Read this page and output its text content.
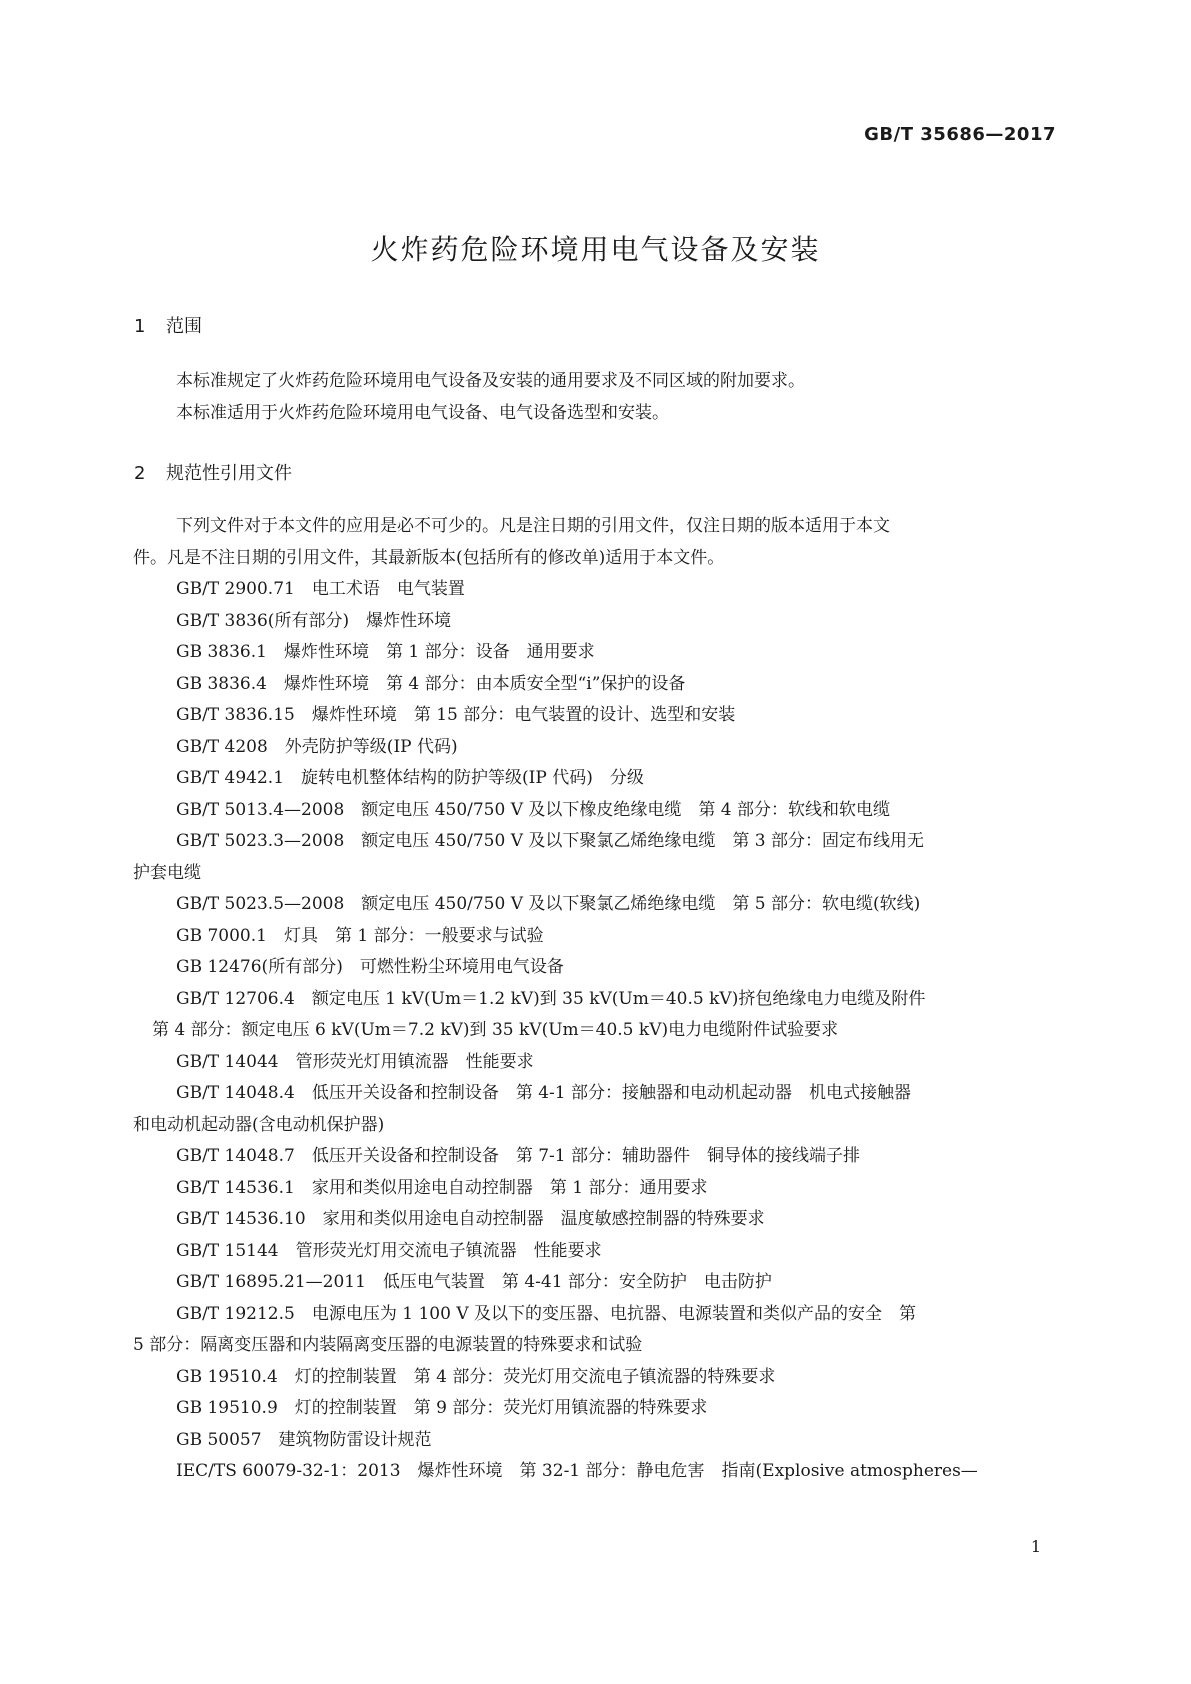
GB/T 35686—2017
火炸药危险环境用电气设备及安装
1 范围

本标准规定了火炸药危险环境用电气设备及安装的通用要求及不同区域的附加要求。

本标准适用于火炸药危险环境用电气设备、电气设备选型和安装。

2 规范性引用文件

下列文件对于本文件的应用是必不可少的。凡是注日期的引用文件，仅注日期的版本适用于本文

件。凡是不注日期的引用文件，其最新版本(包括所有的修改单)适用于本文件。

GB/T 2900.71　电工术语　电气装置

GB/T 3836(所有部分)　爆炸性环境

GB 3836.1　爆炸性环境　第 1 部分：设备　通用要求

GB 3836.4　爆炸性环境　第 4 部分：由本质安全型“i”保护的设备

GB/T 3836.15　爆炸性环境　第 15 部分：电气装置的设计、选型和安装

GB/T 4208　外壳防护等级(IP 代码)

GB/T 4942.1　旋转电机整体结构的防护等级(IP 代码)　分级

GB/T 5013.4—2008　额定电压 450/750 V 及以下橡皮绝缘电缆　第 4 部分：软线和软电缆

GB/T 5023.3—2008　额定电压 450/750 V 及以下聚氯乙烯绝缘电缆　第 3 部分：固定布线用无

护套电缆

GB/T 5023.5—2008　额定电压 450/750 V 及以下聚氯乙烯绝缘电缆　第 5 部分：软电缆(软线)

GB 7000.1　灯具　第 1 部分：一般要求与试验

GB 12476(所有部分)　可燃性粉尘环境用电气设备

GB/T 12706.4　额定电压 1 kV(Um＝1.2 kV)到 35 kV(Um＝40.5 kV)挤包绝缘电力电缆及附件

第 4 部分：额定电压 6 kV(Um＝7.2 kV)到 35 kV(Um＝40.5 kV)电力电缆附件试验要求

GB/T 14044　管形荧光灯用镇流器　性能要求

GB/T 14048.4　低压开关设备和控制设备　第 4-1 部分：接触器和电动机起动器　机电式接触器

和电动机起动器(含电动机保护器)

GB/T 14048.7　低压开关设备和控制设备　第 7-1 部分：辅助器件　铜导体的接线端子排

GB/T 14536.1　家用和类似用途电自动控制器　第 1 部分：通用要求

GB/T 14536.10　家用和类似用途电自动控制器　温度敏感控制器的特殊要求

GB/T 15144　管形荧光灯用交流电子镇流器　性能要求

GB/T 16895.21—2011　低压电气装置　第 4-41 部分：安全防护　电击防护

GB/T 19212.5　电源电压为 1 100 V 及以下的变压器、电抗器、电源装置和类似产品的安全　第

5 部分：隔离变压器和内装隔离变压器的电源装置的特殊要求和试验

GB 19510.4　灯的控制装置　第 4 部分：荧光灯用交流电子镇流器的特殊要求

GB 19510.9　灯的控制装置　第 9 部分：荧光灯用镇流器的特殊要求

GB 50057　建筑物防雷设计规范

IEC/TS 60079-32-1：2013　爆炸性环境　第 32-1 部分：静电危害　指南(Explosive atmospheres—

1
